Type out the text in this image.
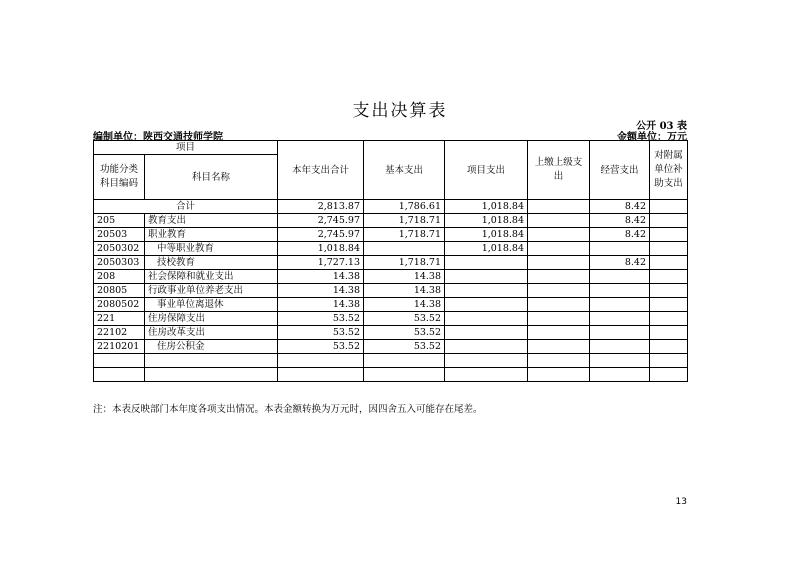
支出决算表
公开 03 表
编制单位：陕西交通技师学院	金额单位：万元
项目		本年支出合计	基本支出	项目支出	上缴上级支出	经营支出	对附属单位补助支出
功能分类科目编码	科目名称						
合计		2,813.87	1,786.61	1,018.84		8.42	
205	教育支出	2,745.97	1,718.71	1,018.84		8.42	
20503	职业教育	2,745.97	1,718.71	1,018.84		8.42	
2050302	中等职业教育	1,018.84		1,018.84			
2050303	技校教育	1,727.13	1,718.71			8.42	
208	社会保障和就业支出	14.38	14.38				
20805	行政事业单位养老支出	14.38	14.38				
2080502	事业单位离退休	14.38	14.38				
221	住房保障支出	53.52	53.52				
22102	住房改革支出	53.52	53.52				
2210201	住房公积金	53.52	53.52				

注：本表反映部门本年度各项支出情况。本表金额转换为万元时，因四舍五入可能存在尾差。
13
